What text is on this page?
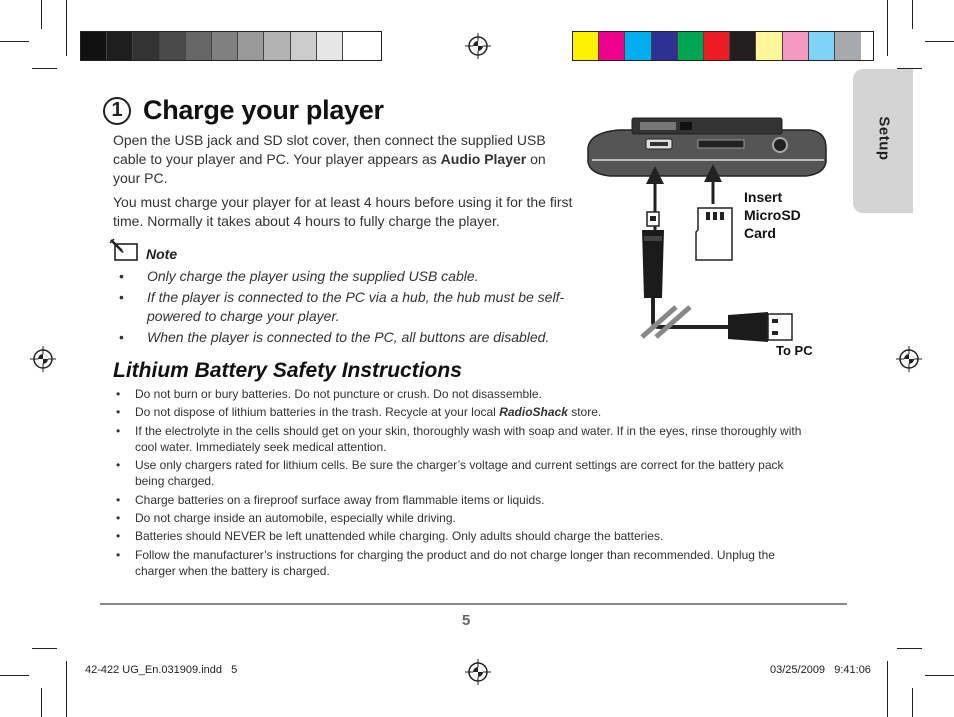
Setup
1 Charge your player
Open the USB jack and SD slot cover, then connect the supplied USB cable to your player and PC. Your player appears as Audio Player on your PC.
You must charge your player for at least 4 hours before using it for the first time. Normally it takes about 4 hours to fully charge the player.
Note
• Only charge the player using the supplied USB cable.
• If the player is connected to the PC via a hub, the hub must be self-powered to charge your player.
• When the player is connected to the PC, all buttons are disabled.
Insert
MicroSD
Card
To PC
Lithium Battery Safety Instructions
• Do not burn or bury batteries. Do not puncture or crush. Do not disassemble.
• Do not dispose of lithium batteries in the trash. Recycle at your local RadioShack store.
• If the electrolyte in the cells should get on your skin, thoroughly wash with soap and water. If in the eyes, rinse thoroughly with cool water. Immediately seek medical attention.
• Use only chargers rated for lithium cells. Be sure the charger’s voltage and current settings are correct for the battery pack being charged.
• Charge batteries on a fireproof surface away from flammable items or liquids.
• Do not charge inside an automobile, especially while driving.
• Batteries should NEVER be left unattended while charging. Only adults should charge the batteries.
• Follow the manufacturer’s instructions for charging the product and do not charge longer than recommended. Unplug the charger when the battery is charged.
5
42-422 UG_En.031909.indd   5	03/25/2009   9:41:06
